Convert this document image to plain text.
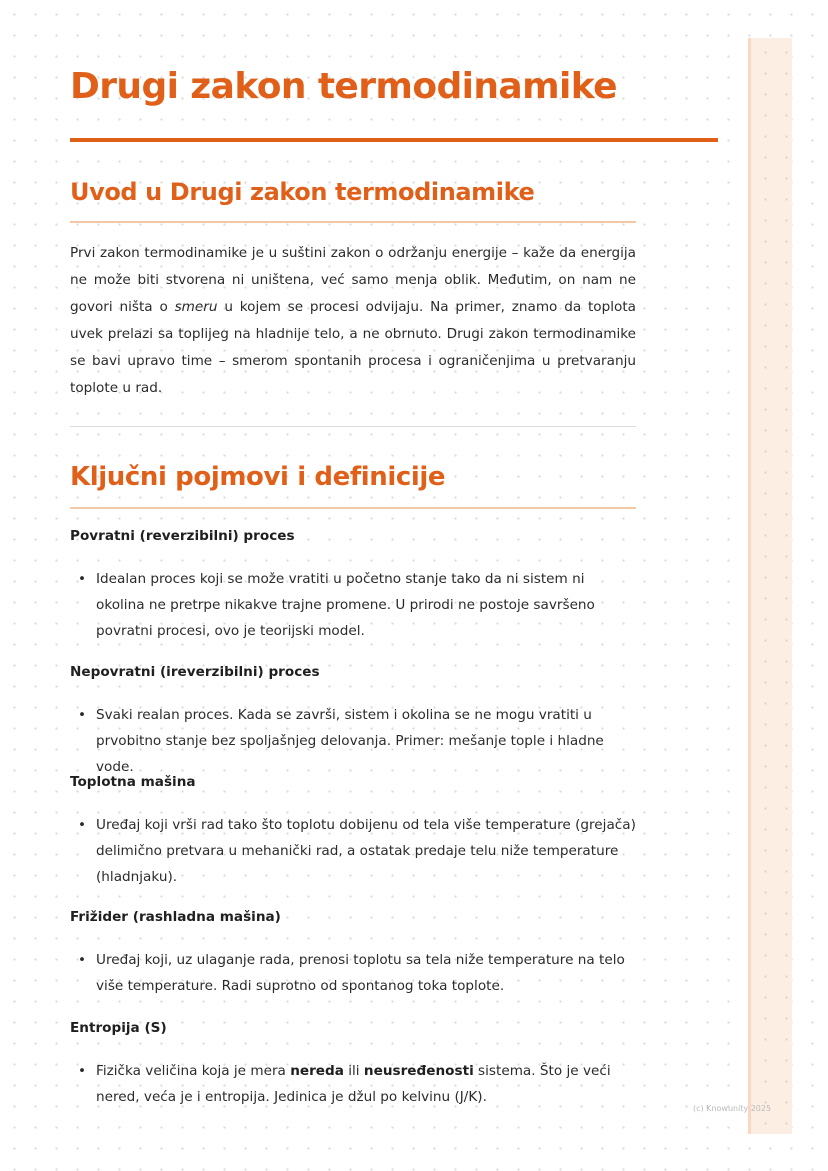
Drugi zakon termodinamike
Uvod u Drugi zakon termodinamike

Prvi zakon termodinamike je u suštini zakon o održanju energije – kaže da energija ne može biti stvorena ni uništena, već samo menja oblik. Međutim, on nam ne govori ništa o smeru u kojem se procesi odvijaju. Na primer, znamo da toplota uvek prelazi sa toplijeg na hladnije telo, a ne obrnuto. Drugi zakon termodinamike se bavi upravo time – smerom spontanih procesa i ograničenjima u pretvaranju toplote u rad.

Ključni pojmovi i definicije

Povratni (reverzibilni) proces

• Idealan proces koji se može vratiti u početno stanje tako da ni sistem ni okolina ne pretrpe nikakve trajne promene. U prirodi ne postoje savršeno povratni procesi, ovo je teorijski model.

Nepovratni (ireverzibilni) proces

• Svaki realan proces. Kada se završi, sistem i okolina se ne mogu vratiti u prvobitno stanje bez spoljašnjeg delovanja. Primer: mešanje tople i hladne vode.

Toplotna mašina

• Uređaj koji vrši rad tako što toplotu dobijenu od tela više temperature (grejača) delimično pretvara u mehanički rad, a ostatak predaje telu niže temperature (hladnjaku).

Frižider (rashladna mašina)

• Uređaj koji, uz ulaganje rada, prenosi toplotu sa tela niže temperature na telo više temperature. Radi suprotno od spontanog toka toplote.

Entropija (S)

• Fizička veličina koja je mera nereda ili neusređenosti sistema. Što je veći nered, veća je i entropija. Jedinica je džul po kelvinu (J/K).
(c) Knowunity 2025
